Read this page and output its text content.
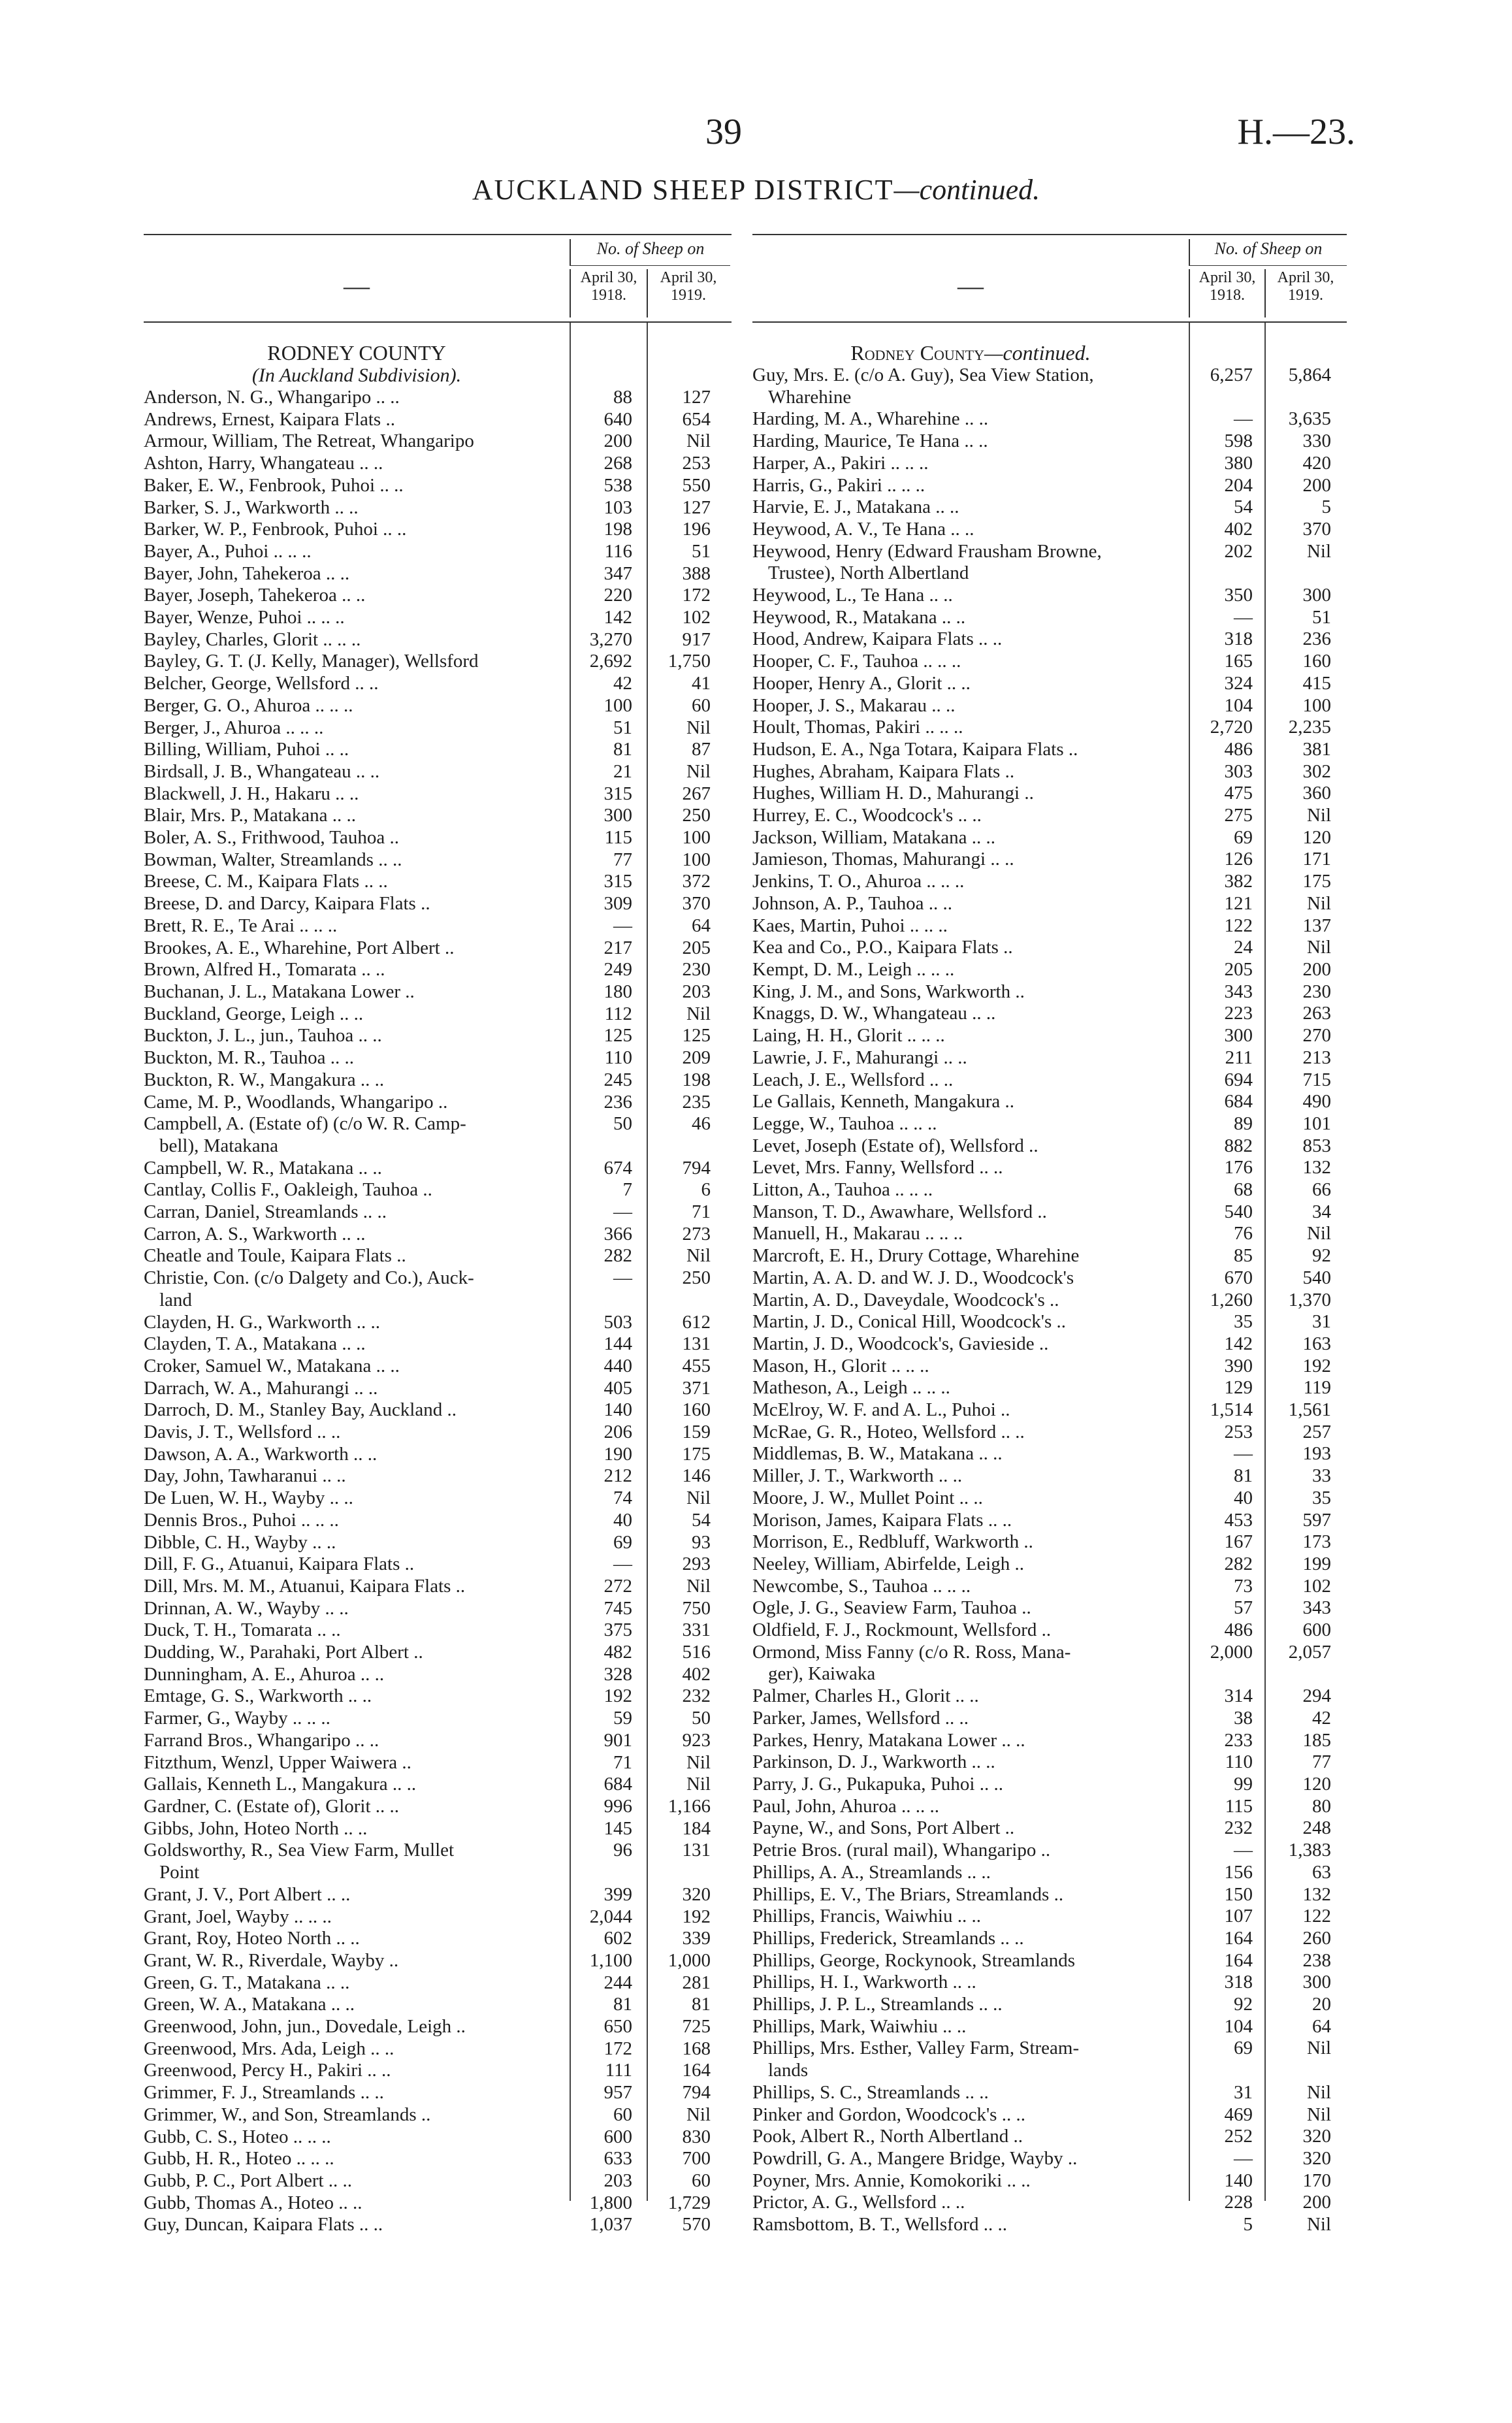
39	H.—23.
AUCKLAND SHEEP DISTRICT—continued.
—
No. of Sheep on
April 30, 1918.
April 30, 1919.
RODNEY COUNTY
(In Auckland Subdivision).
Anderson, N. G., Whangaripo .. ..	88	127
Andrews, Ernest, Kaipara Flats ..	640	654
Armour, William, The Retreat, Whangaripo	200	Nil
Ashton, Harry, Whangateau .. ..	268	253
Baker, E. W., Fenbrook, Puhoi .. ..	538	550
Barker, S. J., Warkworth .. ..	103	127
Barker, W. P., Fenbrook, Puhoi .. ..	198	196
Bayer, A., Puhoi .. .. ..	116	51
Bayer, John, Tahekeroa .. ..	347	388
Bayer, Joseph, Tahekeroa .. ..	220	172
Bayer, Wenze, Puhoi .. .. ..	142	102
Bayley, Charles, Glorit .. .. ..	3,270	917
Bayley, G. T. (J. Kelly, Manager), Wellsford	2,692	1,750
Belcher, George, Wellsford .. ..	42	41
Berger, G. O., Ahuroa .. .. ..	100	60
Berger, J., Ahuroa .. .. ..	51	Nil
Billing, William, Puhoi .. ..	81	87
Birdsall, J. B., Whangateau .. ..	21	Nil
Blackwell, J. H., Hakaru .. ..	315	267
Blair, Mrs. P., Matakana .. ..	300	250
Boler, A. S., Frithwood, Tauhoa ..	115	100
Bowman, Walter, Streamlands .. ..	77	100
Breese, C. M., Kaipara Flats .. ..	315	372
Breese, D. and Darcy, Kaipara Flats ..	309	370
Brett, R. E., Te Arai .. .. ..	—	64
Brookes, A. E., Wharehine, Port Albert ..	217	205
Brown, Alfred H., Tomarata .. ..	249	230
Buchanan, J. L., Matakana Lower ..	180	203
Buckland, George, Leigh .. ..	112	Nil
Buckton, J. L., jun., Tauhoa .. ..	125	125
Buckton, M. R., Tauhoa .. ..	110	209
Buckton, R. W., Mangakura .. ..	245	198
Came, M. P., Woodlands, Whangaripo ..	236	235
Campbell, A. (Estate of) (c/o W. R. Camp-	50	46
bell), Matakana
Campbell, W. R., Matakana .. ..	674	794
Cantlay, Collis F., Oakleigh, Tauhoa ..	7	6
Carran, Daniel, Streamlands .. ..	—	71
Carron, A. S., Warkworth .. ..	366	273
Cheatle and Toule, Kaipara Flats ..	282	Nil
Christie, Con. (c/o Dalgety and Co.), Auck-	—	250
land
Clayden, H. G., Warkworth .. ..	503	612
Clayden, T. A., Matakana .. ..	144	131
Croker, Samuel W., Matakana .. ..	440	455
Darrach, W. A., Mahurangi .. ..	405	371
Darroch, D. M., Stanley Bay, Auckland ..	140	160
Davis, J. T., Wellsford .. ..	206	159
Dawson, A. A., Warkworth .. ..	190	175
Day, John, Tawharanui .. ..	212	146
De Luen, W. H., Wayby .. ..	74	Nil
Dennis Bros., Puhoi .. .. ..	40	54
Dibble, C. H., Wayby .. ..	69	93
Dill, F. G., Atuanui, Kaipara Flats ..	—	293
Dill, Mrs. M. M., Atuanui, Kaipara Flats ..	272	Nil
Drinnan, A. W., Wayby .. ..	745	750
Duck, T. H., Tomarata .. ..	375	331
Dudding, W., Parahaki, Port Albert ..	482	516
Dunningham, A. E., Ahuroa .. ..	328	402
Emtage, G. S., Warkworth .. ..	192	232
Farmer, G., Wayby .. .. ..	59	50
Farrand Bros., Whangaripo .. ..	901	923
Fitzthum, Wenzl, Upper Waiwera ..	71	Nil
Gallais, Kenneth L., Mangakura .. ..	684	Nil
Gardner, C. (Estate of), Glorit .. ..	996	1,166
Gibbs, John, Hoteo North .. ..	145	184
Goldsworthy, R., Sea View Farm, Mullet	96	131
Point
Grant, J. V., Port Albert .. ..	399	320
Grant, Joel, Wayby .. .. ..	2,044	192
Grant, Roy, Hoteo North .. ..	602	339
Grant, W. R., Riverdale, Wayby ..	1,100	1,000
Green, G. T., Matakana .. ..	244	281
Green, W. A., Matakana .. ..	81	81
Greenwood, John, jun., Dovedale, Leigh ..	650	725
Greenwood, Mrs. Ada, Leigh .. ..	172	168
Greenwood, Percy H., Pakiri .. ..	111	164
Grimmer, F. J., Streamlands .. ..	957	794
Grimmer, W., and Son, Streamlands ..	60	Nil
Gubb, C. S., Hoteo .. .. ..	600	830
Gubb, H. R., Hoteo .. .. ..	633	700
Gubb, P. C., Port Albert .. ..	203	60
Gubb, Thomas A., Hoteo .. ..	1,800	1,729
Guy, Duncan, Kaipara Flats .. ..	1,037	570
—
No. of Sheep on
April 30, 1918.
April 30, 1919.
Rodney County—continued.
Guy, Mrs. E. (c/o A. Guy), Sea View Station,	6,257	5,864
Wharehine
Harding, M. A., Wharehine .. ..	—	3,635
Harding, Maurice, Te Hana .. ..	598	330
Harper, A., Pakiri .. .. ..	380	420
Harris, G., Pakiri .. .. ..	204	200
Harvie, E. J., Matakana .. ..	54	5
Heywood, A. V., Te Hana .. ..	402	370
Heywood, Henry (Edward Frausham Browne,	202	Nil
Trustee), North Albertland
Heywood, L., Te Hana .. ..	350	300
Heywood, R., Matakana .. ..	—	51
Hood, Andrew, Kaipara Flats .. ..	318	236
Hooper, C. F., Tauhoa .. .. ..	165	160
Hooper, Henry A., Glorit .. ..	324	415
Hooper, J. S., Makarau .. ..	104	100
Hoult, Thomas, Pakiri .. .. ..	2,720	2,235
Hudson, E. A., Nga Totara, Kaipara Flats ..	486	381
Hughes, Abraham, Kaipara Flats ..	303	302
Hughes, William H. D., Mahurangi ..	475	360
Hurrey, E. C., Woodcock's .. ..	275	Nil
Jackson, William, Matakana .. ..	69	120
Jamieson, Thomas, Mahurangi .. ..	126	171
Jenkins, T. O., Ahuroa .. .. ..	382	175
Johnson, A. P., Tauhoa .. ..	121	Nil
Kaes, Martin, Puhoi .. .. ..	122	137
Kea and Co., P.O., Kaipara Flats ..	24	Nil
Kempt, D. M., Leigh .. .. ..	205	200
King, J. M., and Sons, Warkworth ..	343	230
Knaggs, D. W., Whangateau .. ..	223	263
Laing, H. H., Glorit .. .. ..	300	270
Lawrie, J. F., Mahurangi .. ..	211	213
Leach, J. E., Wellsford .. ..	694	715
Le Gallais, Kenneth, Mangakura ..	684	490
Legge, W., Tauhoa .. .. ..	89	101
Levet, Joseph (Estate of), Wellsford ..	882	853
Levet, Mrs. Fanny, Wellsford .. ..	176	132
Litton, A., Tauhoa .. .. ..	68	66
Manson, T. D., Awawhare, Wellsford ..	540	34
Manuell, H., Makarau .. .. ..	76	Nil
Marcroft, E. H., Drury Cottage, Wharehine	85	92
Martin, A. A. D. and W. J. D., Woodcock's	670	540
Martin, A. D., Daveydale, Woodcock's ..	1,260	1,370
Martin, J. D., Conical Hill, Woodcock's ..	35	31
Martin, J. D., Woodcock's, Gavieside ..	142	163
Mason, H., Glorit .. .. ..	390	192
Matheson, A., Leigh .. .. ..	129	119
McElroy, W. F. and A. L., Puhoi ..	1,514	1,561
McRae, G. R., Hoteo, Wellsford .. ..	253	257
Middlemas, B. W., Matakana .. ..	—	193
Miller, J. T., Warkworth .. ..	81	33
Moore, J. W., Mullet Point .. ..	40	35
Morison, James, Kaipara Flats .. ..	453	597
Morrison, E., Redbluff, Warkworth ..	167	173
Neeley, William, Abirfelde, Leigh ..	282	199
Newcombe, S., Tauhoa .. .. ..	73	102
Ogle, J. G., Seaview Farm, Tauhoa ..	57	343
Oldfield, F. J., Rockmount, Wellsford ..	486	600
Ormond, Miss Fanny (c/o R. Ross, Mana-	2,000	2,057
ger), Kaiwaka
Palmer, Charles H., Glorit .. ..	314	294
Parker, James, Wellsford .. ..	38	42
Parkes, Henry, Matakana Lower .. ..	233	185
Parkinson, D. J., Warkworth .. ..	110	77
Parry, J. G., Pukapuka, Puhoi .. ..	99	120
Paul, John, Ahuroa .. .. ..	115	80
Payne, W., and Sons, Port Albert ..	232	248
Petrie Bros. (rural mail), Whangaripo ..	—	1,383
Phillips, A. A., Streamlands .. ..	156	63
Phillips, E. V., The Briars, Streamlands ..	150	132
Phillips, Francis, Waiwhiu .. ..	107	122
Phillips, Frederick, Streamlands .. ..	164	260
Phillips, George, Rockynook, Streamlands	164	238
Phillips, H. I., Warkworth .. ..	318	300
Phillips, J. P. L., Streamlands .. ..	92	20
Phillips, Mark, Waiwhiu .. ..	104	64
Phillips, Mrs. Esther, Valley Farm, Stream-	69	Nil
lands
Phillips, S. C., Streamlands .. ..	31	Nil
Pinker and Gordon, Woodcock's .. ..	469	Nil
Pook, Albert R., North Albertland ..	252	320
Powdrill, G. A., Mangere Bridge, Wayby ..	—	320
Poyner, Mrs. Annie, Komokoriki .. ..	140	170
Prictor, A. G., Wellsford .. ..	228	200
Ramsbottom, B. T., Wellsford .. ..	5	Nil
